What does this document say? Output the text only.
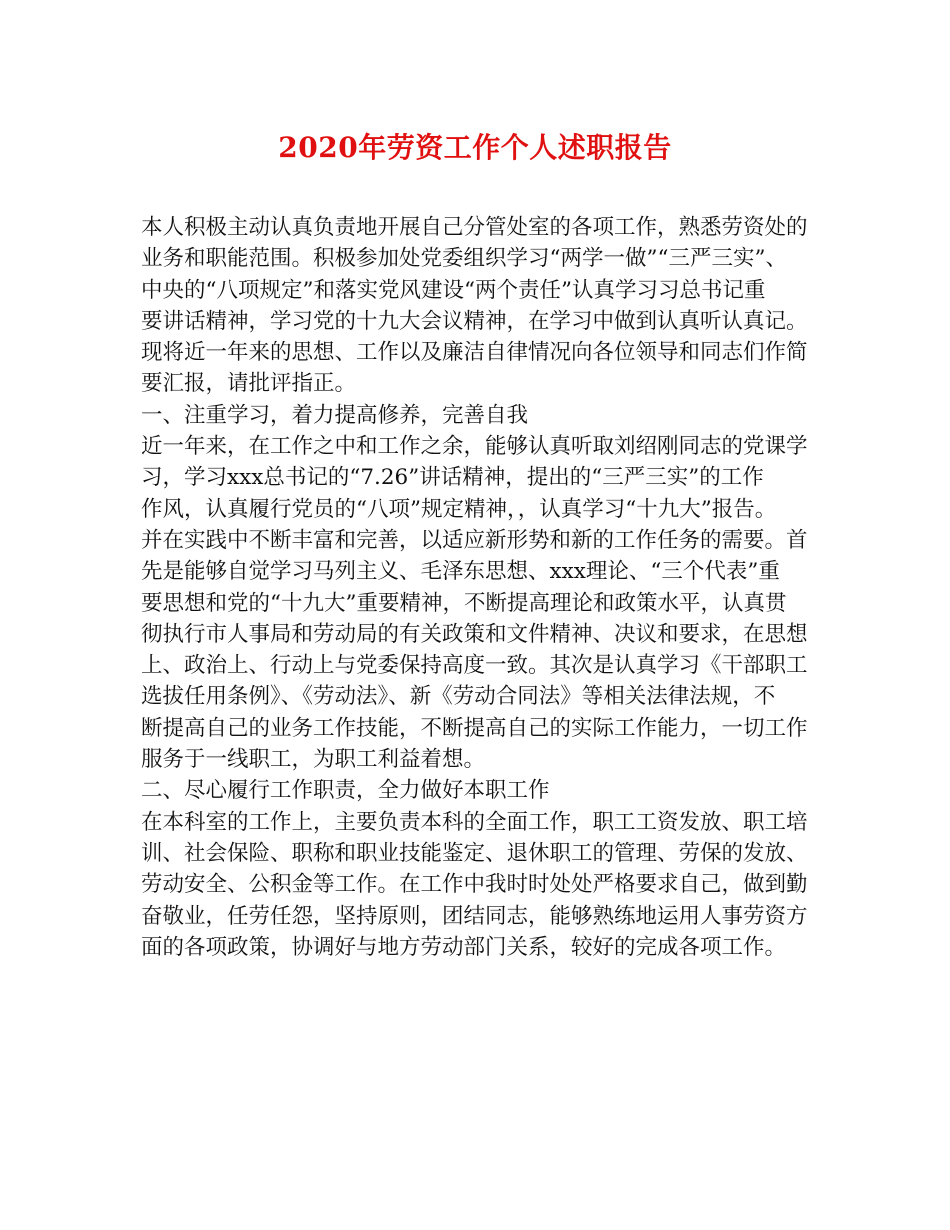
2020年劳资工作个人述职报告
本人积极主动认真负责地开展自己分管处室的各项工作，熟悉劳资处的
业务和职能范围。积极参加处党委组织学习“两学一做”“三严三实”、
中央的“八项规定”和落实党风建设“两个责任”认真学习习总书记重
要讲话精神，学习党的十九大会议精神，在学习中做到认真听认真记。
现将近一年来的思想、工作以及廉洁自律情况向各位领导和同志们作简
要汇报，请批评指正。
一、注重学习，着力提高修养，完善自我
近一年来，在工作之中和工作之余，能够认真听取刘绍刚同志的党课学
习，学习xxx总书记的“7.26”讲话精神，提出的“三严三实”的工作
作风，认真履行党员的“八项”规定精神，，认真学习“十九大”报告。
并在实践中不断丰富和完善，以适应新形势和新的工作任务的需要。首
先是能够自觉学习马列主义、毛泽东思想、xxx理论、“三个代表”重
要思想和党的“十九大”重要精神，不断提高理论和政策水平，认真贯
彻执行市人事局和劳动局的有关政策和文件精神、决议和要求，在思想
上、政治上、行动上与党委保持高度一致。其次是认真学习《干部职工
选拔任用条例》、《劳动法》、新《劳动合同法》等相关法律法规，不
断提高自己的业务工作技能，不断提高自己的实际工作能力，一切工作
服务于一线职工，为职工利益着想。
二、尽心履行工作职责，全力做好本职工作
在本科室的工作上，主要负责本科的全面工作，职工工资发放、职工培
训、社会保险、职称和职业技能鉴定、退休职工的管理、劳保的发放、
劳动安全、公积金等工作。在工作中我时时处处严格要求自己，做到勤
奋敬业，任劳任怨，坚持原则，团结同志，能够熟练地运用人事劳资方
面的各项政策，协调好与地方劳动部门关系，较好的完成各项工作。
